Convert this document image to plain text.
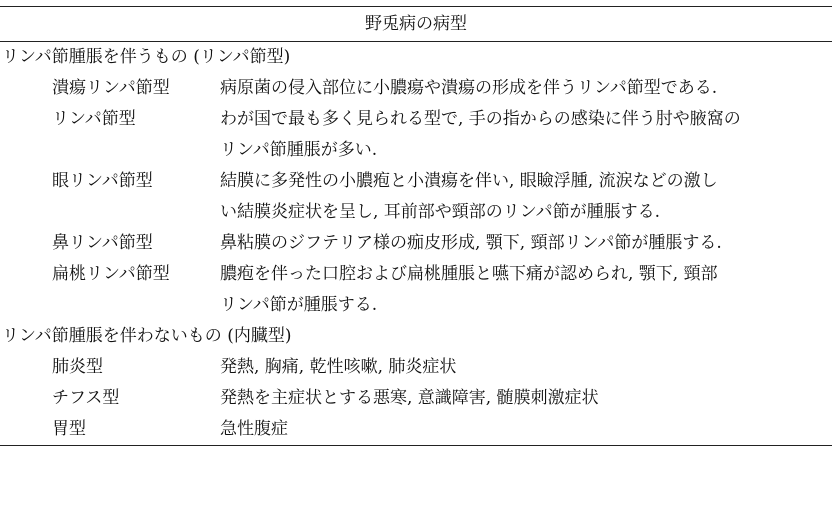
野兎病の病型
リンパ節腫脹を伴うもの (リンパ節型)
潰瘍リンパ節型	病原菌の侵入部位に小膿瘍や潰瘍の形成を伴うリンパ節型である.
リンパ節型	わが国で最も多く見られる型で, 手の指からの感染に伴う肘や腋窩の
リンパ節腫脹が多い.
眼リンパ節型	結膜に多発性の小膿疱と小潰瘍を伴い, 眼瞼浮腫, 流涙などの激し
い結膜炎症状を呈し, 耳前部や頸部のリンパ節が腫脹する.
鼻リンパ節型	鼻粘膜のジフテリア様の痂皮形成, 顎下, 頸部リンパ節が腫脹する.
扁桃リンパ節型	膿疱を伴った口腔および扁桃腫脹と嚥下痛が認められ, 顎下, 頸部
リンパ節が腫脹する.
リンパ節腫脹を伴わないもの (内臓型)
肺炎型	発熱, 胸痛, 乾性咳嗽, 肺炎症状
チフス型	発熱を主症状とする悪寒, 意識障害, 髄膜刺激症状
胃型	急性腹症
